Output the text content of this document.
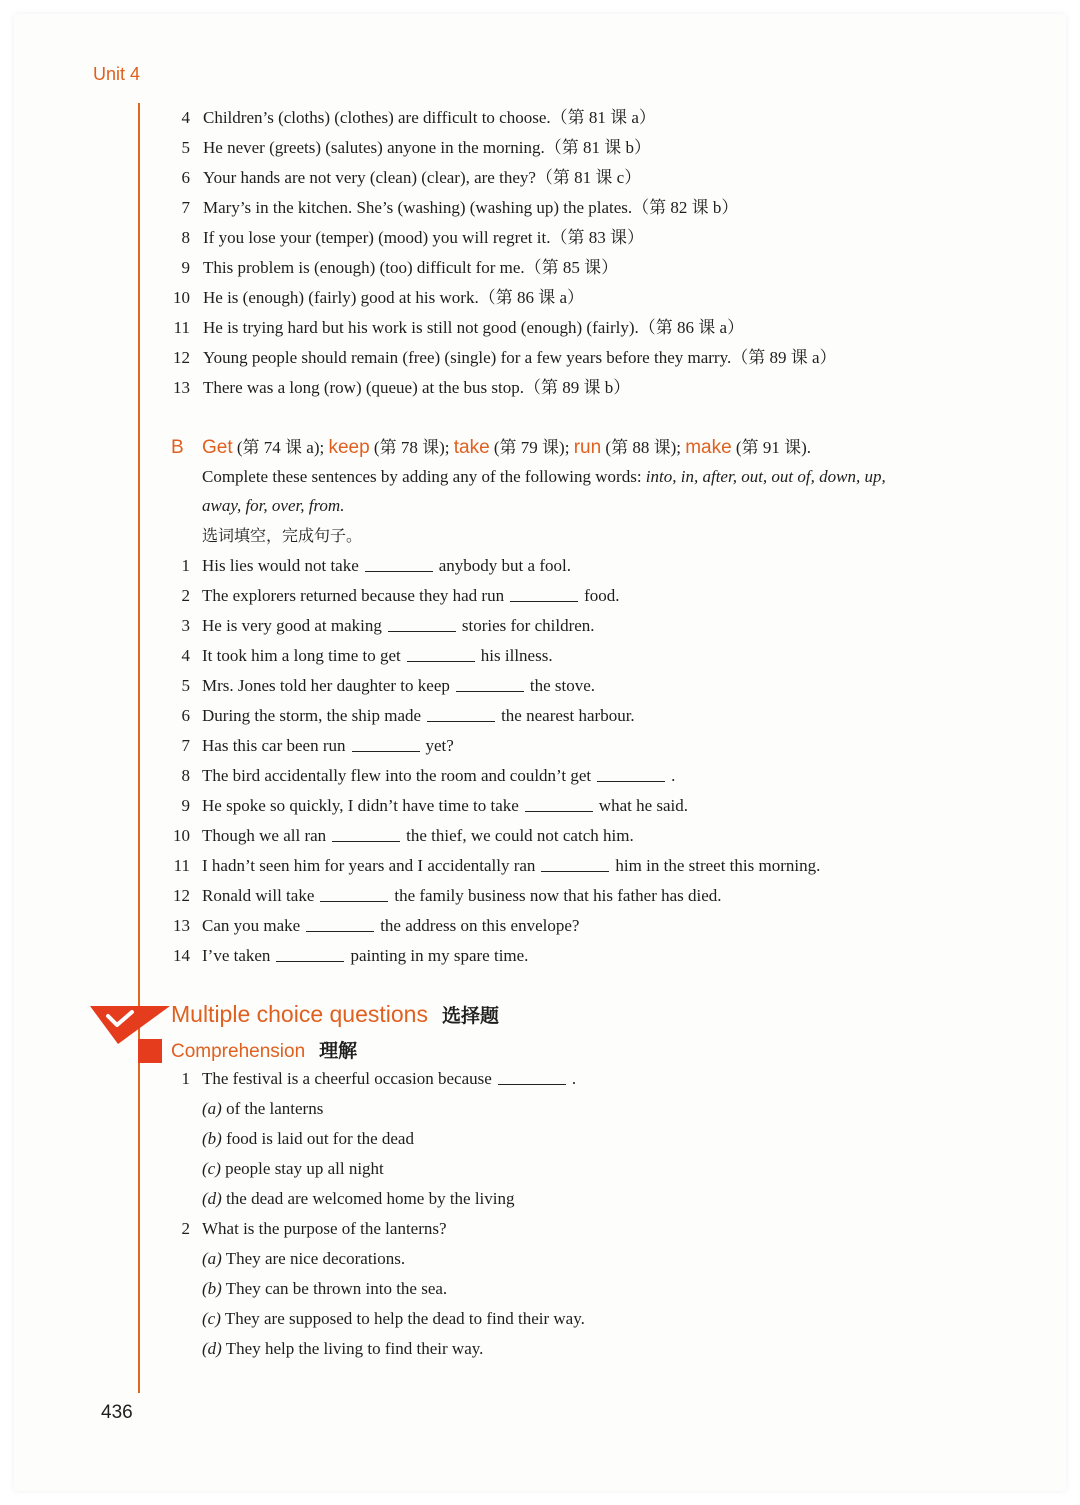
Unit 4
4 Children’s (cloths) (clothes) are difficult to choose.（第 81 课 a）
5 He never (greets) (salutes) anyone in the morning.（第 81 课 b）
6 Your hands are not very (clean) (clear), are they?（第 81 课 c）
7 Mary’s in the kitchen. She’s (washing) (washing up) the plates.（第 82 课 b）
8 If you lose your (temper) (mood) you will regret it.（第 83 课）
9 This problem is (enough) (too) difficult for me.（第 85 课）
10 He is (enough) (fairly) good at his work.（第 86 课 a）
11 He is trying hard but his work is still not good (enough) (fairly).（第 86 课 a）
12 Young people should remain (free) (single) for a few years before they marry.（第 89 课 a）
13 There was a long (row) (queue) at the bus stop.（第 89 课 b）
B Get (第 74 课 a); keep (第 78 课); take (第 79 课); run (第 88 课); make (第 91 课).
Complete these sentences by adding any of the following words: into, in, after, out, out of, down, up,
away, for, over, from.
选词填空，完成句子。
1 His lies would not take	anybody but a fool.
2 The explorers returned because they had run	food.
3 He is very good at making	stories for children.
4 It took him a long time to get	his illness.
5 Mrs. Jones told her daughter to keep	the stove.
6 During the storm, the ship made	the nearest harbour.
7 Has this car been run	yet?
8 The bird accidentally flew into the room and couldn’t get	.
9 He spoke so quickly, I didn’t have time to take	what he said.
10 Though we all ran	the thief, we could not catch him.
11 I hadn’t seen him for years and I accidentally ran	him in the street this morning.
12 Ronald will take	the family business now that his father has died.
13 Can you make	the address on this envelope?
14 I’ve taken	painting in my spare time.
Multiple choice questions 选择题
Comprehension 理解
1 The festival is a cheerful occasion because	.
(a) of the lanterns
(b) food is laid out for the dead
(c) people stay up all night
(d) the dead are welcomed home by the living
2 What is the purpose of the lanterns?
(a) They are nice decorations.
(b) They can be thrown into the sea.
(c) They are supposed to help the dead to find their way.
(d) They help the living to find their way.
436
